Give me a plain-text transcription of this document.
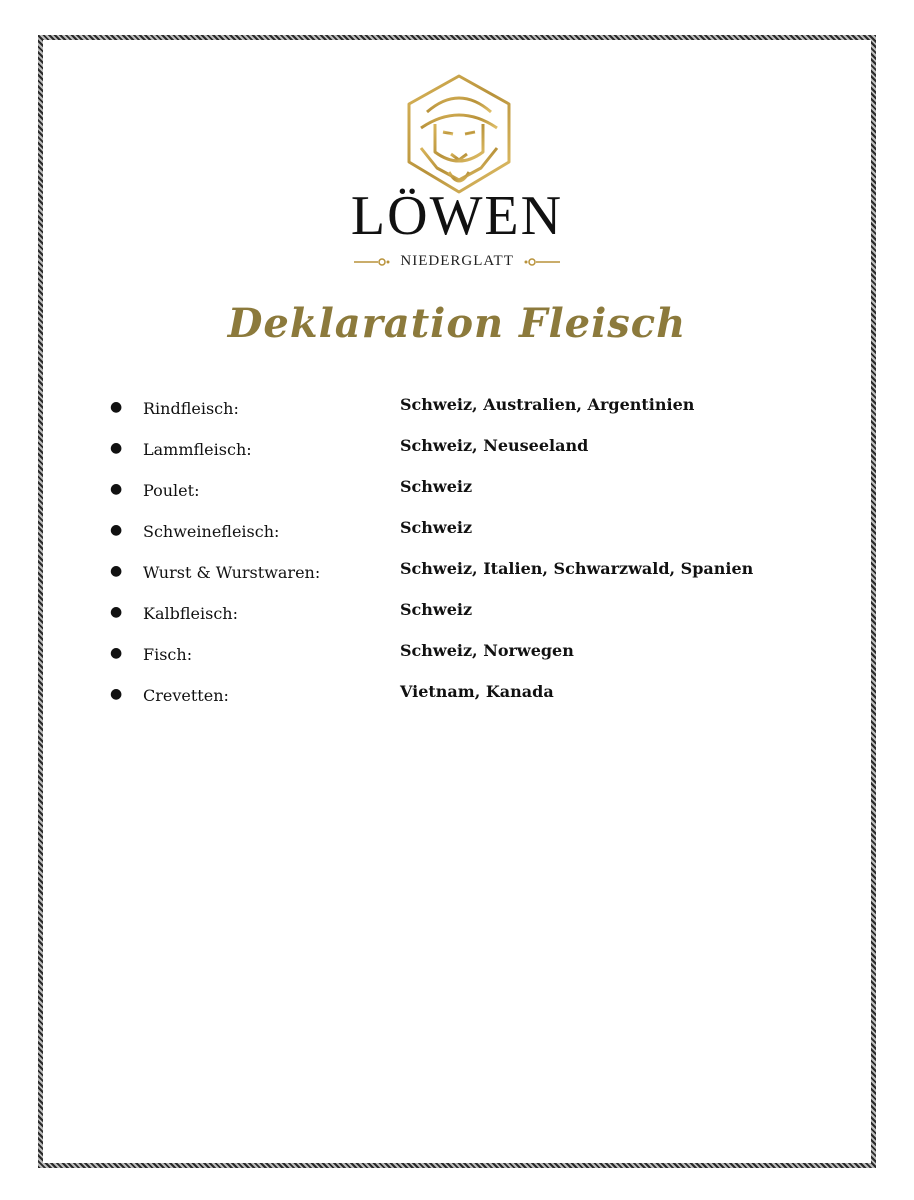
LÖWEN
NIEDERGLATT
Deklaration Fleisch
● Rindfleisch:	Schweiz, Australien, Argentinien
● Lammfleisch:	Schweiz, Neuseeland
● Poulet:	Schweiz
● Schweinefleisch:	Schweiz
● Wurst & Wurstwaren:	Schweiz, Italien, Schwarzwald, Spanien
● Kalbfleisch:	Schweiz
● Fisch:	Schweiz, Norwegen
● Crevetten:	Vietnam, Kanada
